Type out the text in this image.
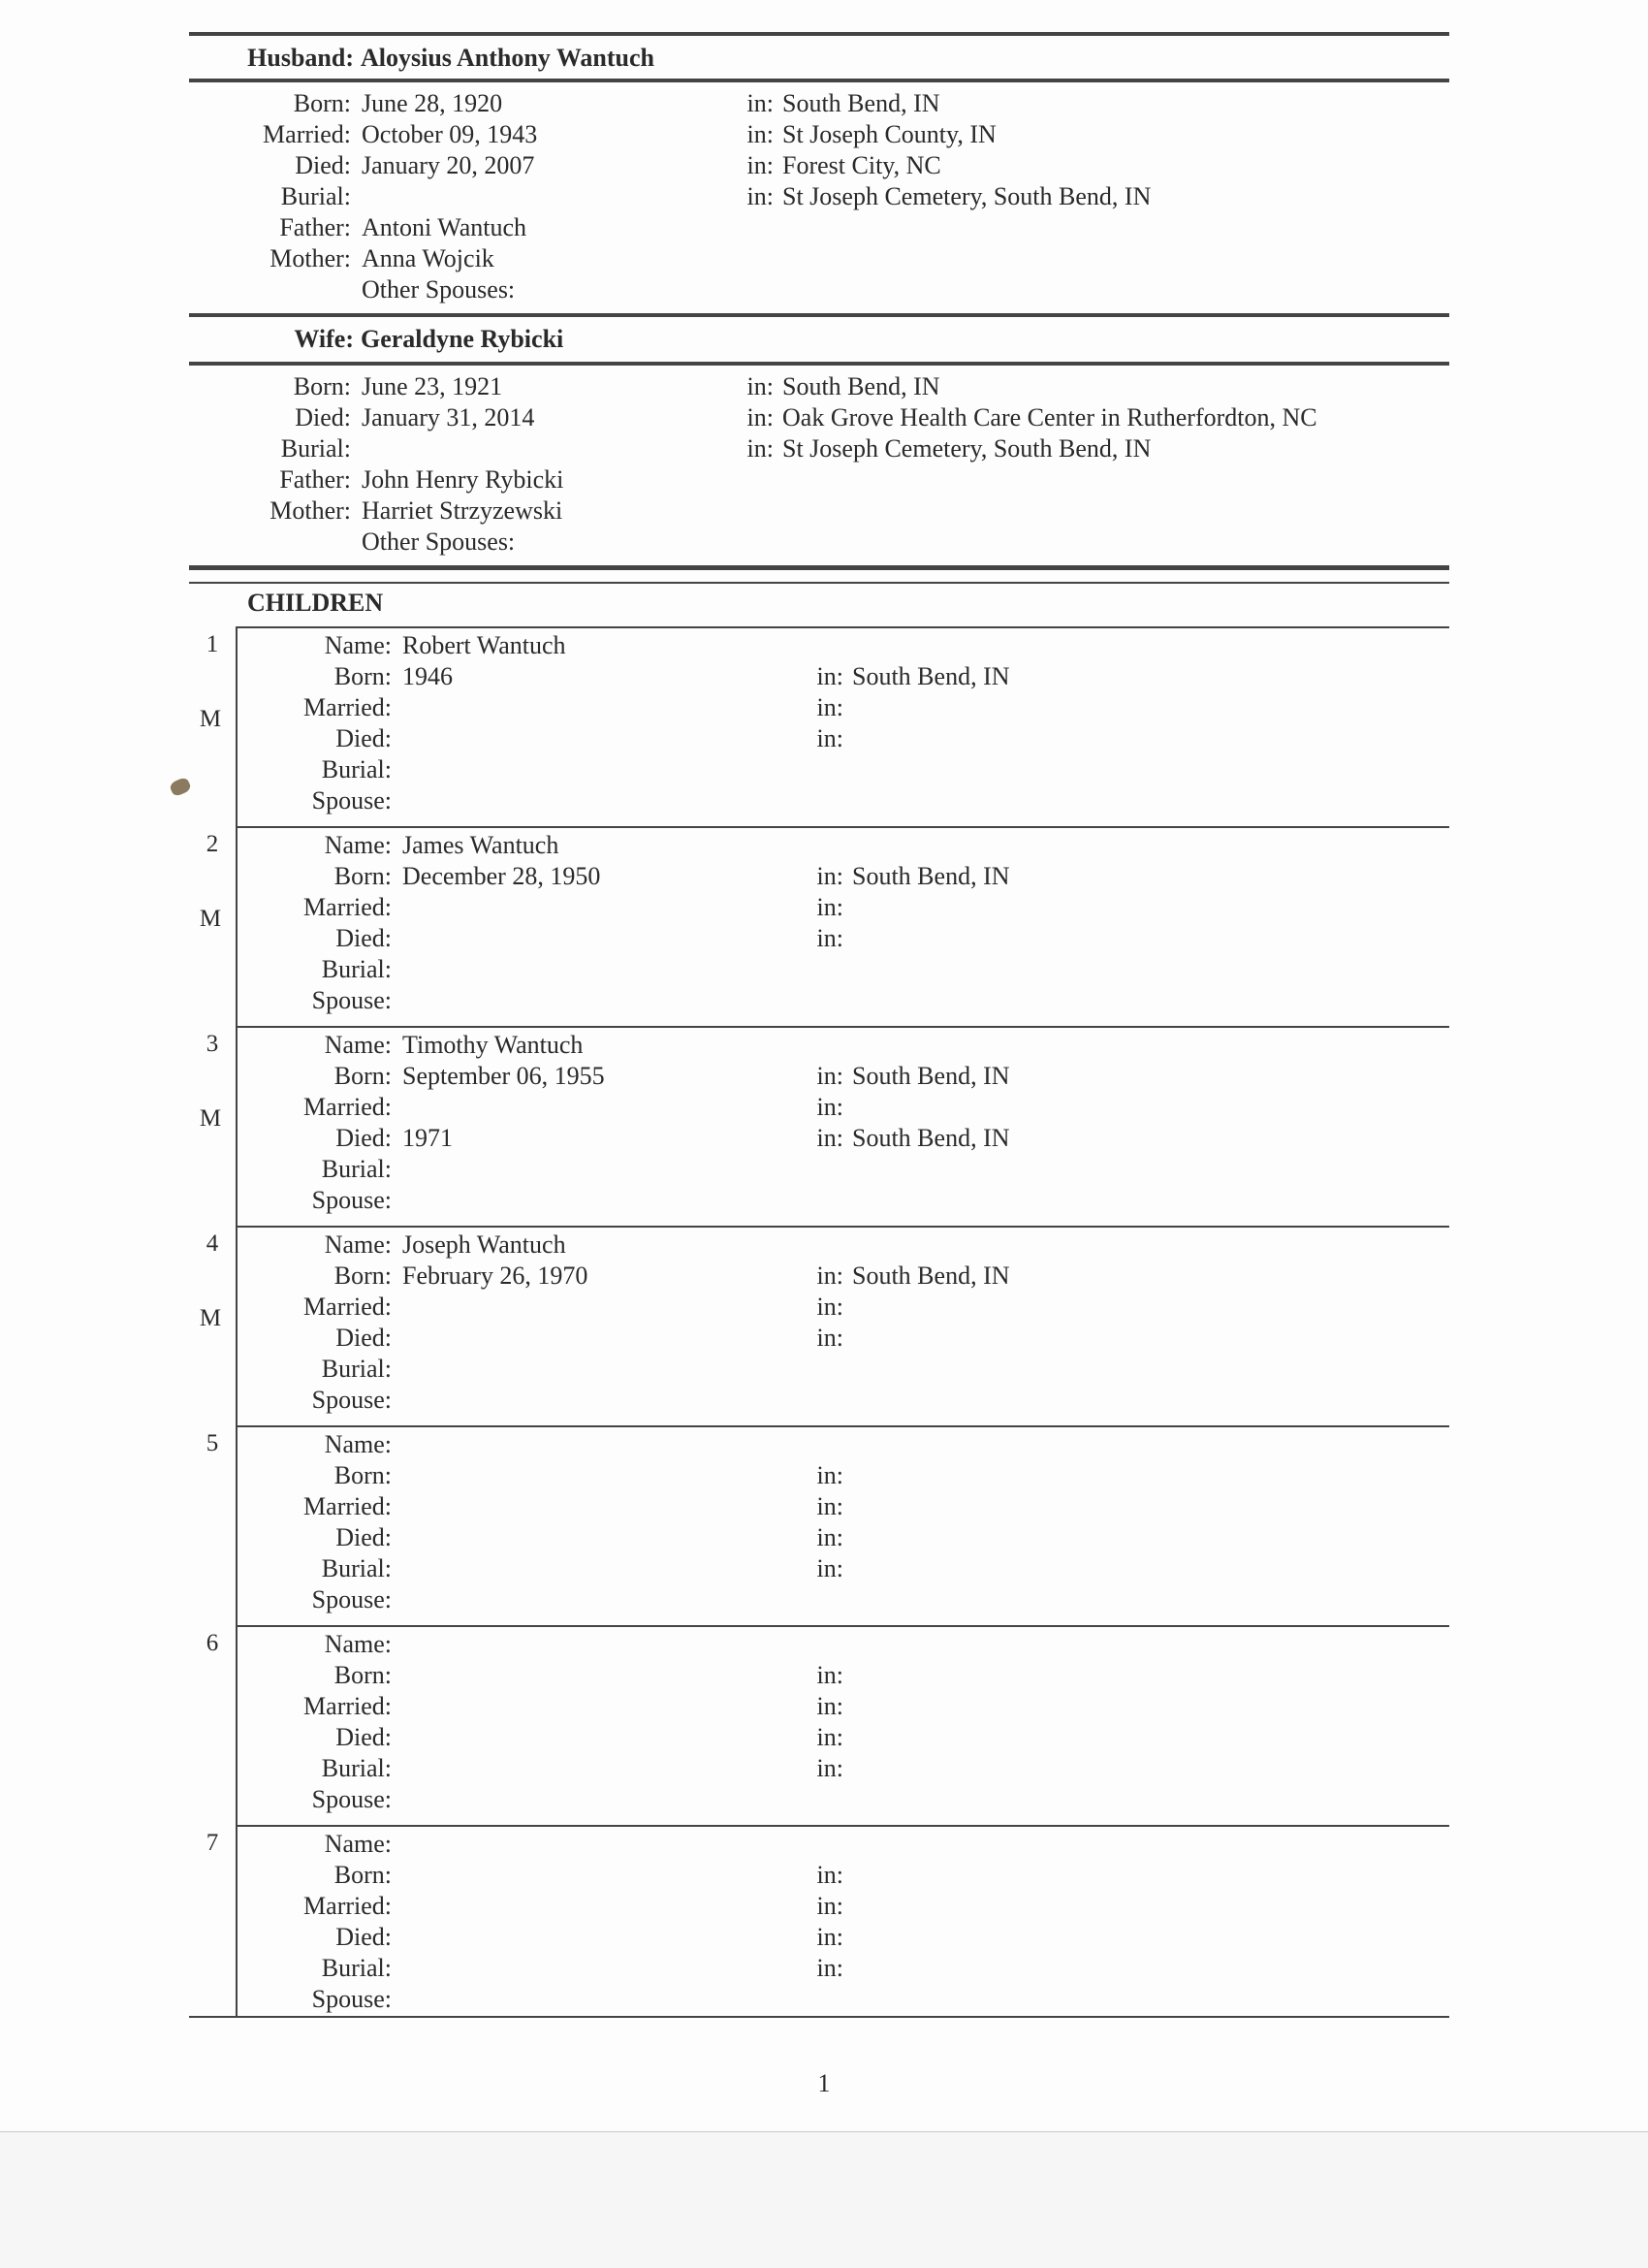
Husband: Aloysius Anthony Wantuch
Born: June 28, 1920	in: South Bend, IN
Married: October 09, 1943	in: St Joseph County, IN
Died: January 20, 2007	in: Forest City, NC
Burial:	in: St Joseph Cemetery, South Bend, IN
Father: Antoni Wantuch
Mother: Anna Wojcik
Other Spouses:
Wife: Geraldyne Rybicki
Born: June 23, 1921	in: South Bend, IN
Died: January 31, 2014	in: Oak Grove Health Care Center in Rutherfordton, NC
Burial:	in: St Joseph Cemetery, South Bend, IN
Father: John Henry Rybicki
Mother: Harriet Strzyzewski
Other Spouses:
CHILDREN
1
M
Name: Robert Wantuch
Born: 1946	in: South Bend, IN
Married:	in:
Died:	in:
Burial:
Spouse:
2
M
Name: James Wantuch
Born: December 28, 1950	in: South Bend, IN
Married:	in:
Died:	in:
Burial:
Spouse:
3
M
Name: Timothy Wantuch
Born: September 06, 1955	in: South Bend, IN
Married:	in:
Died: 1971	in: South Bend, IN
Burial:
Spouse:
4
M
Name: Joseph Wantuch
Born: February 26, 1970	in: South Bend, IN
Married:	in:
Died:	in:
Burial:
Spouse:
5	Name:
Born:	in:
Married:	in:
Died:	in:
Burial:	in:
Spouse:
6	Name:
Born:	in:
Married:	in:
Died:	in:
Burial:	in:
Spouse:
7	Name:
Born:	in:
Married:	in:
Died:	in:
Burial:	in:
Spouse:
1
